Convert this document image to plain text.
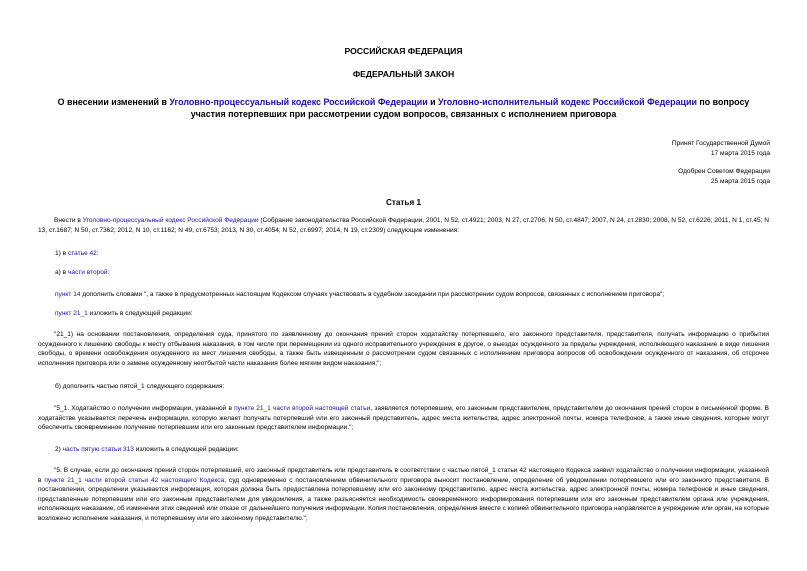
РОССИЙСКАЯ ФЕДЕРАЦИЯ
ФЕДЕРАЛЬНЫЙ ЗАКОН
О внесении изменений в Уголовно-процессуальный кодекс Российской Федерации и Уголовно-исполнительный кодекс Российской Федерации по вопросу участия потерпевших при рассмотрении судом вопросов, связанных с исполнением приговора
Принят Государственной Думой
17 марта 2015 года
Одобрен Советом Федерации
25 марта 2015 года
Статья 1
Внести в Уголовно-процессуальный кодекс Российской Федерации (Собрание законодательства Российской Федерации, 2001, N 52, ст.4921; 2003, N 27, ст.2706; N 50, ст.4847; 2007, N 24, ст.2830; 2008, N 52, ст.6226; 2011, N 1, ст.45; N 13, ст.1687; N 50, ст.7362; 2012, N 10, ст.1162; N 49, ст.6753; 2013, N 30, ст.4054; N 52, ст.6997; 2014, N 19, ст.2309) следующие изменения:
1) в статье 42:
а) в части второй:
пункт 14 дополнить словами ", а также в предусмотренных настоящим Кодексом случаях участвовать в судебном заседании при рассмотрении судом вопросов, связанных с исполнением приговора";
пункт 21_1 изложить в следующей редакции:
"21_1) на основании постановления, определения суда, принятого по заявленному до окончания прений сторон ходатайству потерпевшего, его законного представителя, представителя, получать информацию о прибытии осужденного к лишению свободы к месту отбывания наказания, в том числе при перемещении из одного исправительного учреждения в другое, о выездах осужденного за пределы учреждения, исполняющего наказание в виде лишения свободы, о времени освобождения осужденного из мест лишения свободы, а также быть извещенным о рассмотрении судом связанных с исполнением приговора вопросов об освобождении осужденного от наказания, об отсрочке исполнения приговора или о замене осужденному неотбытой части наказания более мягким видом наказания;";
б) дополнить частью пятой_1 следующего содержания:
"5_1. Ходатайство о получении информации, указанной в пункте 21_1 части второй настоящей статьи, заявляется потерпевшим, его законным представителем, представителем до окончания прений сторон в письменной форме. В ходатайстве указывается перечень информации, которую желает получать потерпевший или его законный представитель, адрес места жительства, адрес электронной почты, номера телефонов, а также иные сведения, которые могут обеспечить своевременное получение потерпевшим или его законным представителем информации.";
2) часть пятую статьи 313 изложить в следующей редакции:
"5. В случае, если до окончания прений сторон потерпевший, его законный представитель или представитель в соответствии с частью пятой_1 статьи 42 настоящего Кодекса заявил ходатайство о получении информации, указанной в пункте 21_1 части второй статьи 42 настоящего Кодекса, суд одновременно с постановлением обвинительного приговора выносит постановление, определение об уведомлении потерпевшего или его законного представителя. В постановлении, определении указывается информация, которая должна быть предоставлена потерпевшему или его законному представителю, адрес места жительства, адрес электронной почты, номера телефонов и иные сведения, представленные потерпевшим или его законным представителем для уведомления, а также разъясняется необходимость своевременного информирования потерпевшим или его законным представителем органа или учреждения, исполняющих наказание, об изменении этих сведений или отказе от дальнейшего получения информации. Копия постановления, определения вместе с копией обвинительного приговора направляется в учреждение или орган, на которые возложено исполнение наказания, и потерпевшему или его законному представителю.";
